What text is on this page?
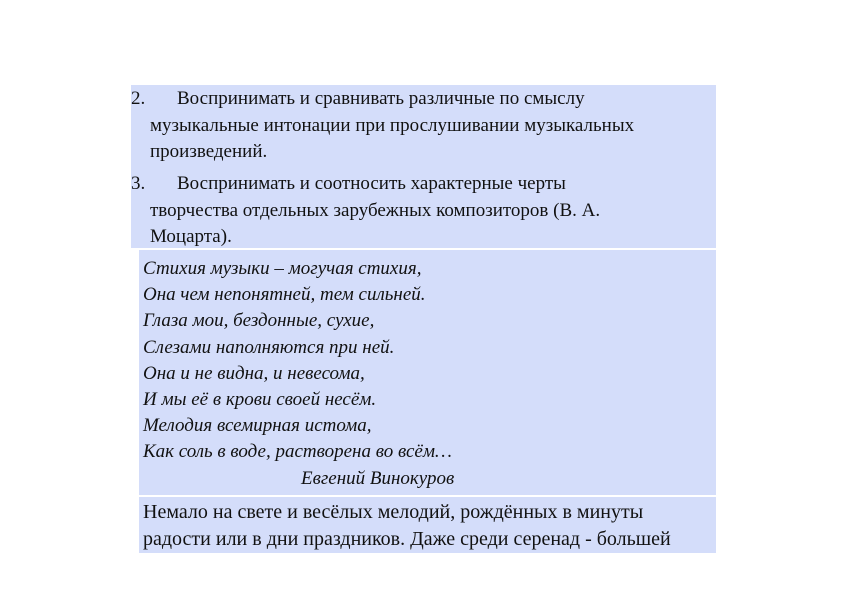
2. Воспринимать и сравнивать различные по смыслу
музыкальные интонации при прослушивании музыкальных
произведений.
3. Воспринимать и соотносить характерные черты
творчества отдельных зарубежных композиторов (В. А.
Моцарта).
Стихия музыки – могучая стихия,
Она чем непонятней, тем сильней.
Глаза мои, бездонные, сухие,
Слезами наполняются при ней.
Она и не видна, и невесома,
И мы её в крови своей несём.
Мелодия всемирная истома,
Как соль в воде, растворена во всём…
Евгений Винокуров
Немало на свете и весёлых мелодий, рождённых в минуты
радости или в дни праздников. Даже среди серенад - большей
